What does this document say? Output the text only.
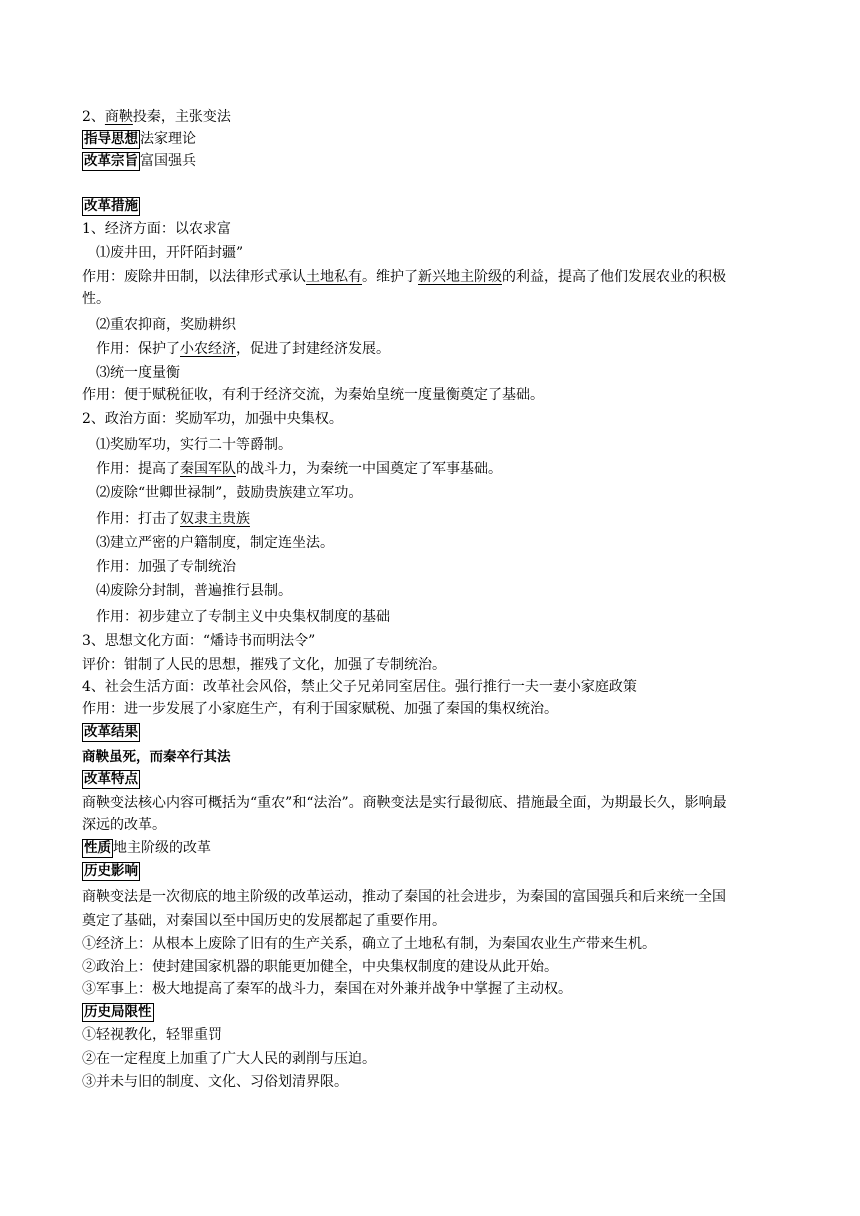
2、商鞅投秦，主张变法
指导思想 法家理论
改革宗旨 富国强兵
改革措施
1、经济方面：以农求富
⑴废井田，开阡陌封疆”
作用：废除井田制，以法律形式承认土地私有。维护了新兴地主阶级的利益，提高了他们发展农业的积极
性。
⑵重农抑商，奖励耕织
作用：保护了小农经济，促进了封建经济发展。
⑶统一度量衡
作用：便于赋税征收，有利于经济交流，为秦始皇统一度量衡奠定了基础。
2、政治方面：奖励军功，加强中央集权。
⑴奖励军功，实行二十等爵制。
作用：提高了秦国军队的战斗力，为秦统一中国奠定了军事基础。
⑵废除“世卿世禄制”，鼓励贵族建立军功。
作用：打击了奴隶主贵族
⑶建立严密的户籍制度，制定连坐法。
作用：加强了专制统治
⑷废除分封制，普遍推行县制。
作用：初步建立了专制主义中央集权制度的基础
3、思想文化方面：“燔诗书而明法令”
评价：钳制了人民的思想，摧残了文化，加强了专制统治。
4、社会生活方面：改革社会风俗，禁止父子兄弟同室居住。强行推行一夫一妻小家庭政策
作用：进一步发展了小家庭生产，有利于国家赋税、加强了秦国的集权统治。
改革结果
商鞅虽死，而秦卒行其法
改革特点
商鞅变法核心内容可概括为“重农”和“法治”。商鞅变法是实行最彻底、措施最全面，为期最长久，影响最
深远的改革。
性质 地主阶级的改革
历史影响
商鞅变法是一次彻底的地主阶级的改革运动，推动了秦国的社会进步，为秦国的富国强兵和后来统一全国
奠定了基础，对秦国以至中国历史的发展都起了重要作用。
①经济上：从根本上废除了旧有的生产关系，确立了土地私有制，为秦国农业生产带来生机。
②政治上：使封建国家机器的职能更加健全，中央集权制度的建设从此开始。
③军事上：极大地提高了秦军的战斗力，秦国在对外兼并战争中掌握了主动权。
历史局限性
①轻视教化，轻罪重罚
②在一定程度上加重了广大人民的剥削与压迫。
③并未与旧的制度、文化、习俗划清界限。
